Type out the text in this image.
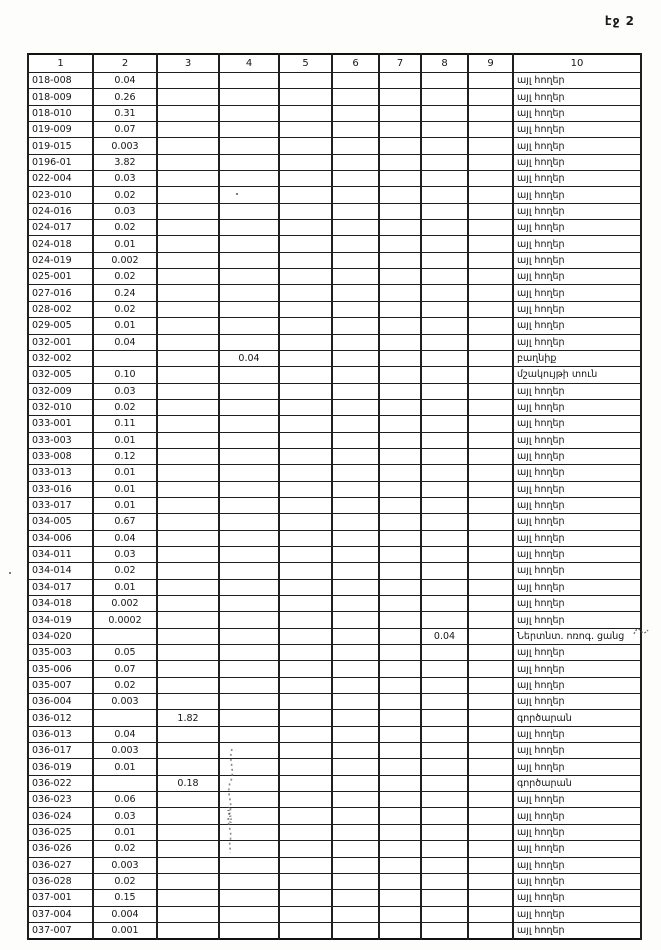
էջ 2
1	2	3	4	5	6	7	8	9	10
018-008	0.04								այլ հողեր
018-009	0.26								այլ հողեր
018-010	0.31								այլ հողեր
019-009	0.07								այլ հողեր
019-015	0.003								այլ հողեր
0196-01	3.82								այլ հողեր
022-004	0.03								այլ հողեր
023-010	0.02								այլ հողեր
024-016	0.03								այլ հողեր
024-017	0.02								այլ հողեր
024-018	0.01								այլ հողեր
024-019	0.002								այլ հողեր
025-001	0.02								այլ հողեր
027-016	0.24								այլ հողեր
028-002	0.02								այլ հողեր
029-005	0.01								այլ հողեր
032-001	0.04								այլ հողեր
032-002			0.04						բաղնիք
032-005	0.10								մշակույթի տուն
032-009	0.03								այլ հողեր
032-010	0.02								այլ հողեր
033-001	0.11								այլ հողեր
033-003	0.01								այլ հողեր
033-008	0.12								այլ հողեր
033-013	0.01								այլ հողեր
033-016	0.01								այլ հողեր
033-017	0.01								այլ հողեր
034-005	0.67								այլ հողեր
034-006	0.04								այլ հողեր
034-011	0.03								այլ հողեր
034-014	0.02								այլ հողեր
034-017	0.01								այլ հողեր
034-018	0.002								այլ հողեր
034-019	0.0002								այլ հողեր
034-020							0.04		Ներտնտ. ոռոգ. ցանց
035-003	0.05								այլ հողեր
035-006	0.07								այլ հողեր
035-007	0.02								այլ հողեր
036-004	0.003								այլ հողեր
036-012		1.82							գործարան
036-013	0.04								այլ հողեր
036-017	0.003								այլ հողեր
036-019	0.01								այլ հողեր
036-022		0.18							գործարան
036-023	0.06								այլ հողեր
036-024	0.03								այլ հողեր
036-025	0.01								այլ հողեր
036-026	0.02								այլ հողեր
036-027	0.003								այլ հողեր
036-028	0.02								այլ հողեր
037-001	0.15								այլ հողեր
037-004	0.004								այլ հողեր
037-007	0.001								այլ հողեր
